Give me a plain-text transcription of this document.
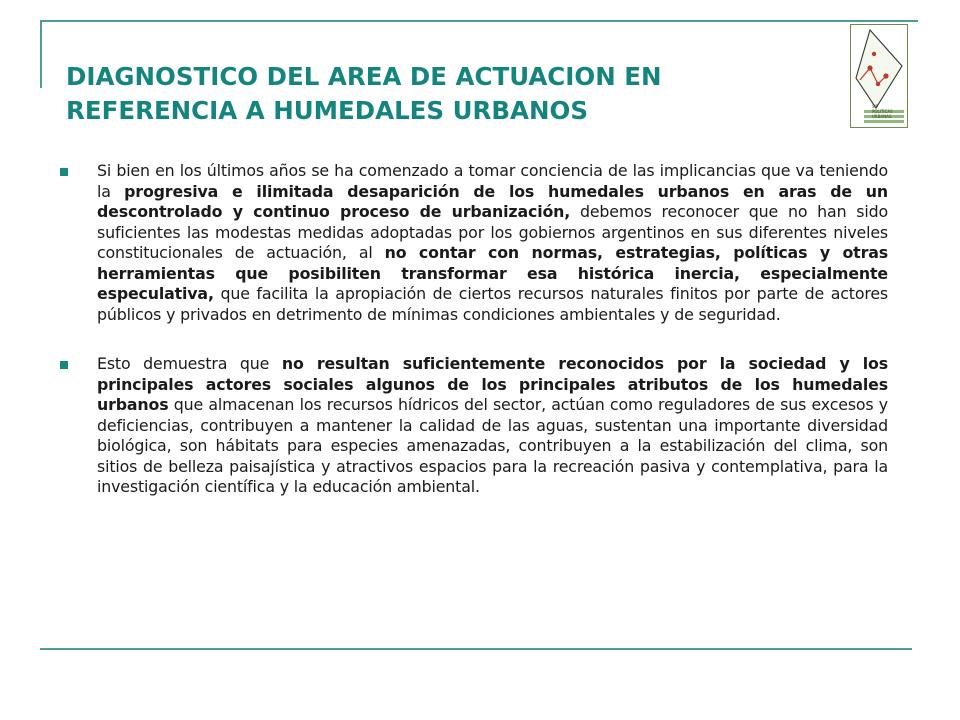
DIAGNOSTICO DEL AREA DE ACTUACION EN
REFERENCIA A HUMEDALES URBANOS	SIP
POLITICAS
URBANAS
Si bien en los últimos años se ha comenzado a tomar conciencia de las implicancias que va teniendo la progresiva e ilimitada desaparición de los humedales urbanos en aras de un descontrolado y continuo proceso de urbanización, debemos reconocer que no han sido suficientes las modestas medidas adoptadas por los gobiernos argentinos en sus diferentes niveles constitucionales de actuación, al no contar con normas, estrategias, políticas y otras herramientas que posibiliten transformar esa histórica inercia, especialmente especulativa, que facilita la apropiación de ciertos recursos naturales finitos por parte de actores públicos y privados en detrimento de mínimas condiciones ambientales y de seguridad.
Esto demuestra que no resultan suficientemente reconocidos por la sociedad y los principales actores sociales algunos de los principales atributos de los humedales urbanos que almacenan los recursos hídricos del sector, actúan como reguladores de sus excesos y deficiencias, contribuyen a mantener la calidad de las aguas, sustentan una importante diversidad biológica, son hábitats para especies amenazadas, contribuyen a la estabilización del clima, son sitios de belleza paisajística y atractivos espacios para la recreación pasiva y contemplativa, para la investigación científica y la educación ambiental.
